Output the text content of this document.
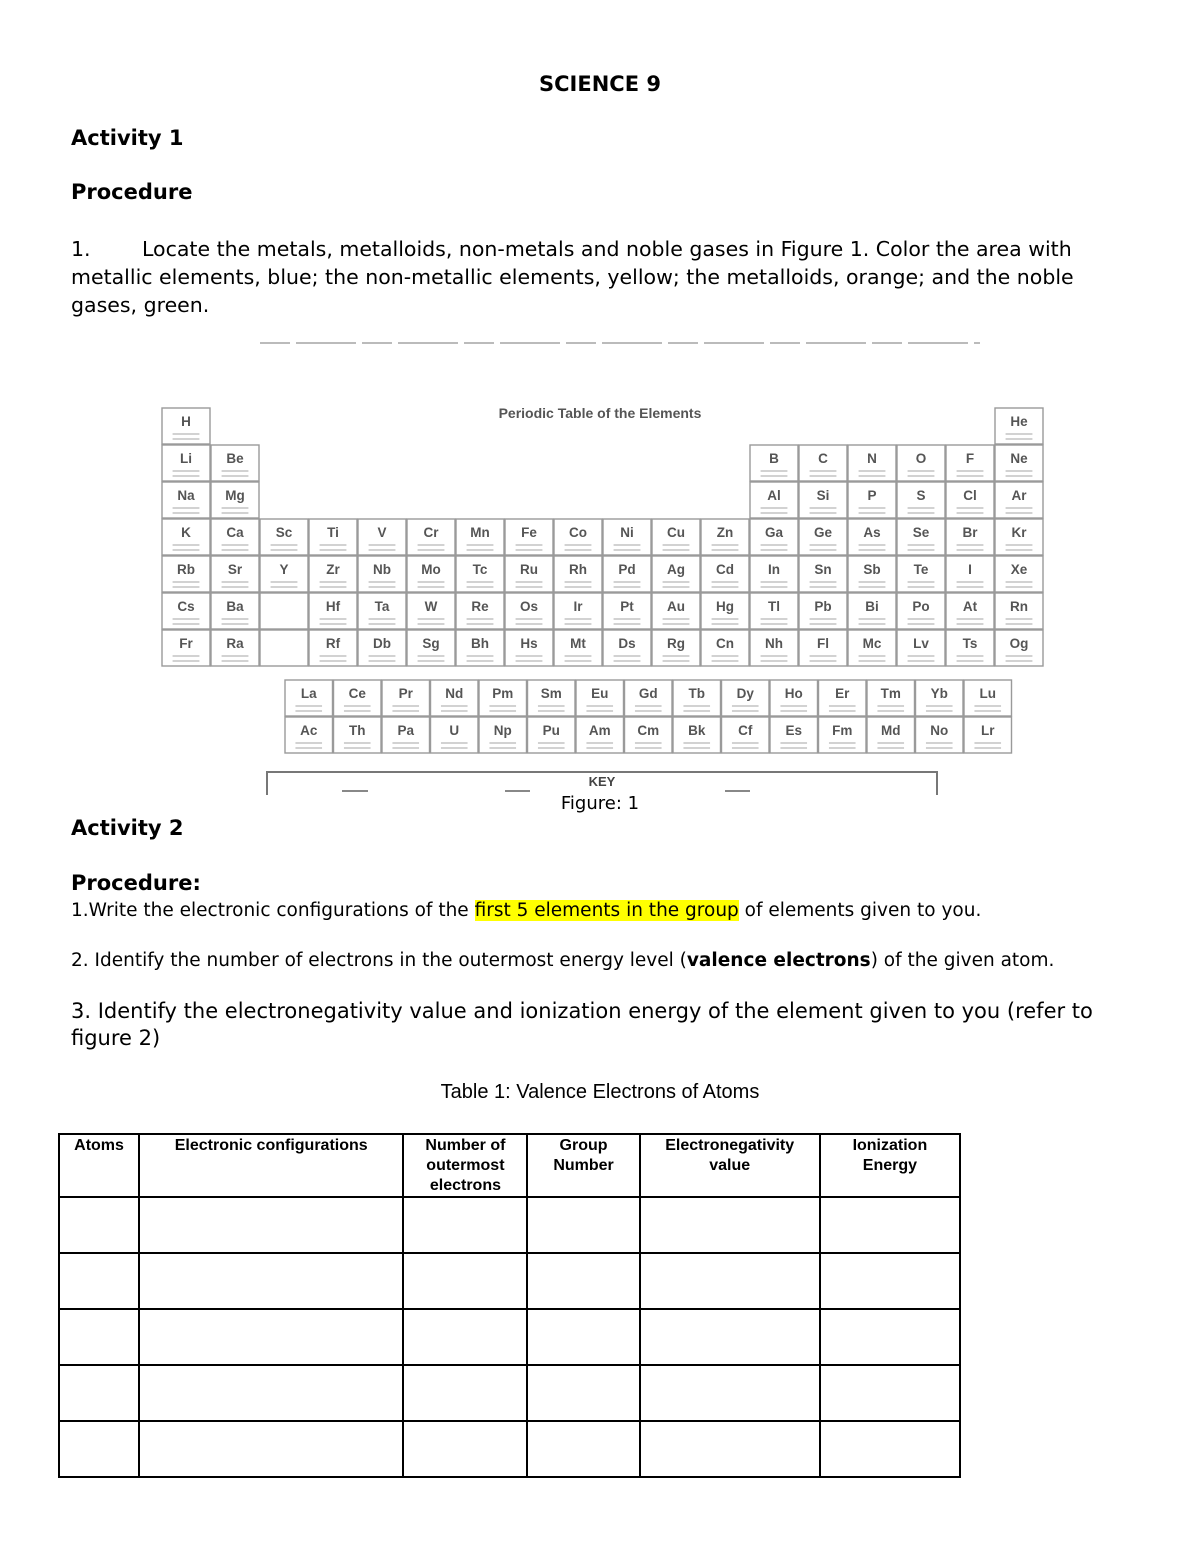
SCIENCE 9
Activity 1
Procedure
1.	Locate the metals, metalloids, non-metals and noble gases in Figure 1. Color the area with metallic elements, blue; the non-metallic elements, yellow; the metalloids, orange; and the noble gases, green.
Periodic Table of the Elements
H	He
Li	Be	B	C	N	O	F	Ne
Na Mg	Al	Si	P	S	Cl	Ar
K	Ca Sc	Ti	V	Cr Mn Fe Co Ni Cu Zn Ga Ge As Se Br	Kr
Rb Sr	Y	Zr Nb Mo Tc Ru Rh Pd Ag Cd	In	Sn Sb Te	I	Xe
Cs Ba	Hf	Ta	W	Re Os	Ir	Pt Au Hg	Tl	Pb Bi Po At Rn
Fr Ra	Rf Db Sg Bh Hs Mt Ds Rg Cn Nh	Fl Mc Lv Ts Og
La Ce Pr Nd Pm Sm Eu Gd Tb Dy Ho Er Tm Yb Lu
Ac Th Pa	U	Np Pu Am Cm Bk Cf Es Fm Md No Lr
KEY
Figure: 1
Activity 2
Procedure:
1.Write the electronic configurations of the first 5 elements in the group of elements given to you.
2. Identify the number of electrons in the outermost energy level (valence electrons) of the given atom.
3. Identify the electronegativity value and ionization energy of the element given to you (refer to figure 2)
Table 1: Valence Electrons of Atoms
Atoms	Electronic configurations	Number of outermost electrons	Group Number	Electronegativity value	Ionization Energy
